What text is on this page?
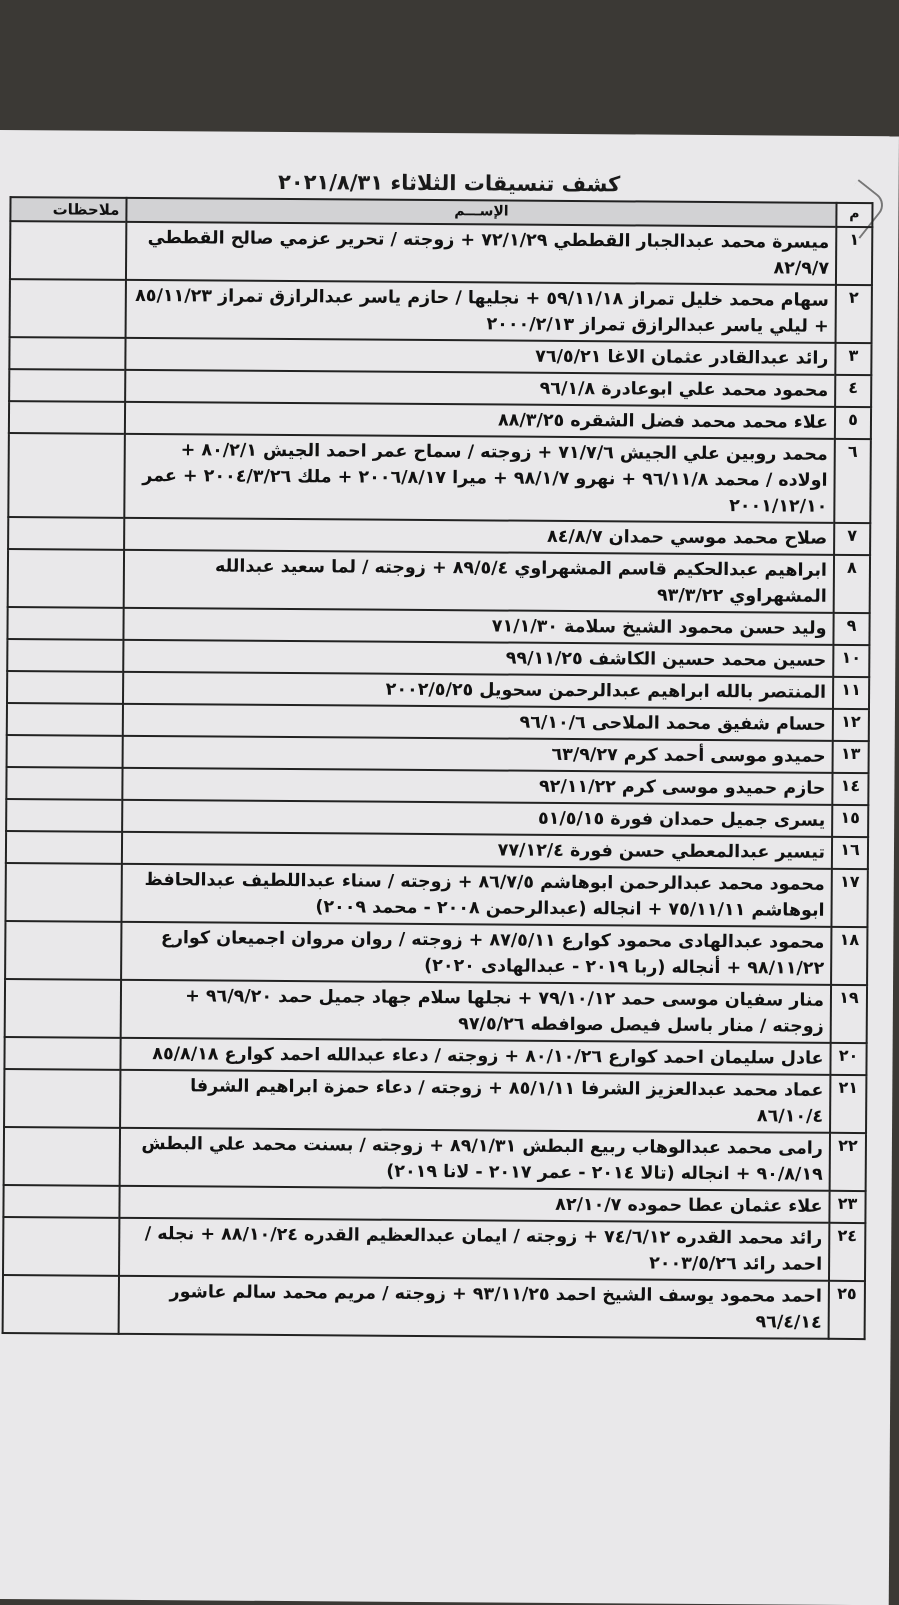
كشف تنسيقات الثلاثاء ٢٠٢١/٨/٣١
م	الإســـم	ملاحظات
١	ميسرة محمد عبدالجبار القططي ٧٢/١/٢٩ + زوجته / تحرير عزمي صالح القططي ٨٢/٩/٧	
٢	سهام محمد خليل تمراز ٥٩/١١/١٨ + نجليها / حازم ياسر عبدالرازق تمراز ٨٥/١١/٢٣ + ليلي ياسر عبدالرازق تمراز ٢٠٠٠/٢/١٣	
٣	رائد عبدالقادر عثمان الاغا ٧٦/٥/٢١	
٤	محمود محمد علي ابوعادرة ٩٦/١/٨	
٥	علاء محمد محمد فضل الشقره ٨٨/٣/٢٥	
٦	محمد روبين علي الجيش ٧١/٧/٦ + زوجته / سماح عمر احمد الجيش ٨٠/٢/١ + اولاده / محمد ٩٦/١١/٨ + نهرو ٩٨/١/٧ + ميرا ٢٠٠٦/٨/١٧ + ملك ٢٠٠٤/٣/٢٦ + عمر ٢٠٠١/١٢/١٠	
٧	صلاح محمد موسي حمدان ٨٤/٨/٧	
٨	ابراهيم عبدالحكيم قاسم المشهراوي ٨٩/٥/٤ + زوجته / لما سعيد عبدالله المشهراوي ٩٣/٣/٢٢	
٩	وليد حسن محمود الشيخ سلامة ٧١/١/٣٠	
١٠	حسين محمد حسين الكاشف ٩٩/١١/٢٥	
١١	المنتصر بالله ابراهيم عبدالرحمن سحويل ٢٠٠٢/٥/٢٥	
١٢	حسام شفيق محمد الملاحى ٩٦/١٠/٦	
١٣	حميدو موسى أحمد كرم ٦٣/٩/٢٧	
١٤	حازم حميدو موسى كرم ٩٢/١١/٢٢	
١٥	يسرى جميل حمدان فورة ٥١/٥/١٥	
١٦	تيسير عبدالمعطي حسن فورة ٧٧/١٢/٤	
١٧	محمود محمد عبدالرحمن ابوهاشم ٨٦/٧/٥ + زوجته / سناء عبداللطيف عبدالحافظ ابوهاشم ٧٥/١١/١١ + انجاله (عبدالرحمن ٢٠٠٨ - محمد ٢٠٠٩)	
١٨	محمود عبدالهادى محمود كوارع ٨٧/٥/١١ + زوجته / روان مروان اجميعان كوارع ٩٨/١١/٢٢ + أنجاله (ربا ٢٠١٩ - عبدالهادى ٢٠٢٠)	
١٩	منار سفيان موسى حمد ٧٩/١٠/١٢ + نجلها سلام جهاد جميل حمد ٩٦/٩/٢٠ + زوجته / منار باسل فيصل صوافطه ٩٧/٥/٢٦	
٢٠	عادل سليمان احمد كوارع ٨٠/١٠/٢٦ + زوجته / دعاء عبدالله احمد كوارع ٨٥/٨/١٨	
٢١	عماد محمد عبدالعزيز الشرفا ٨٥/١/١١ + زوجته / دعاء حمزة ابراهيم الشرفا ٨٦/١٠/٤	
٢٢	رامى محمد عبدالوهاب ربيع البطش ٨٩/١/٣١ + زوجته / بسنت محمد علي البطش ٩٠/٨/١٩ + انجاله (تالا ٢٠١٤ - عمر ٢٠١٧ - لانا ٢٠١٩)	
٢٣	علاء عثمان عطا حموده ٨٢/١٠/٧	
٢٤	رائد محمد القدره ٧٤/٦/١٢ + زوجته / ايمان عبدالعظيم القدره ٨٨/١٠/٢٤ + نجله / احمد رائد ٢٠٠٣/٥/٢٦	
٢٥	احمد محمود يوسف الشيخ احمد ٩٣/١١/٢٥ + زوجته / مريم محمد سالم عاشور ٩٦/٤/١٤	
